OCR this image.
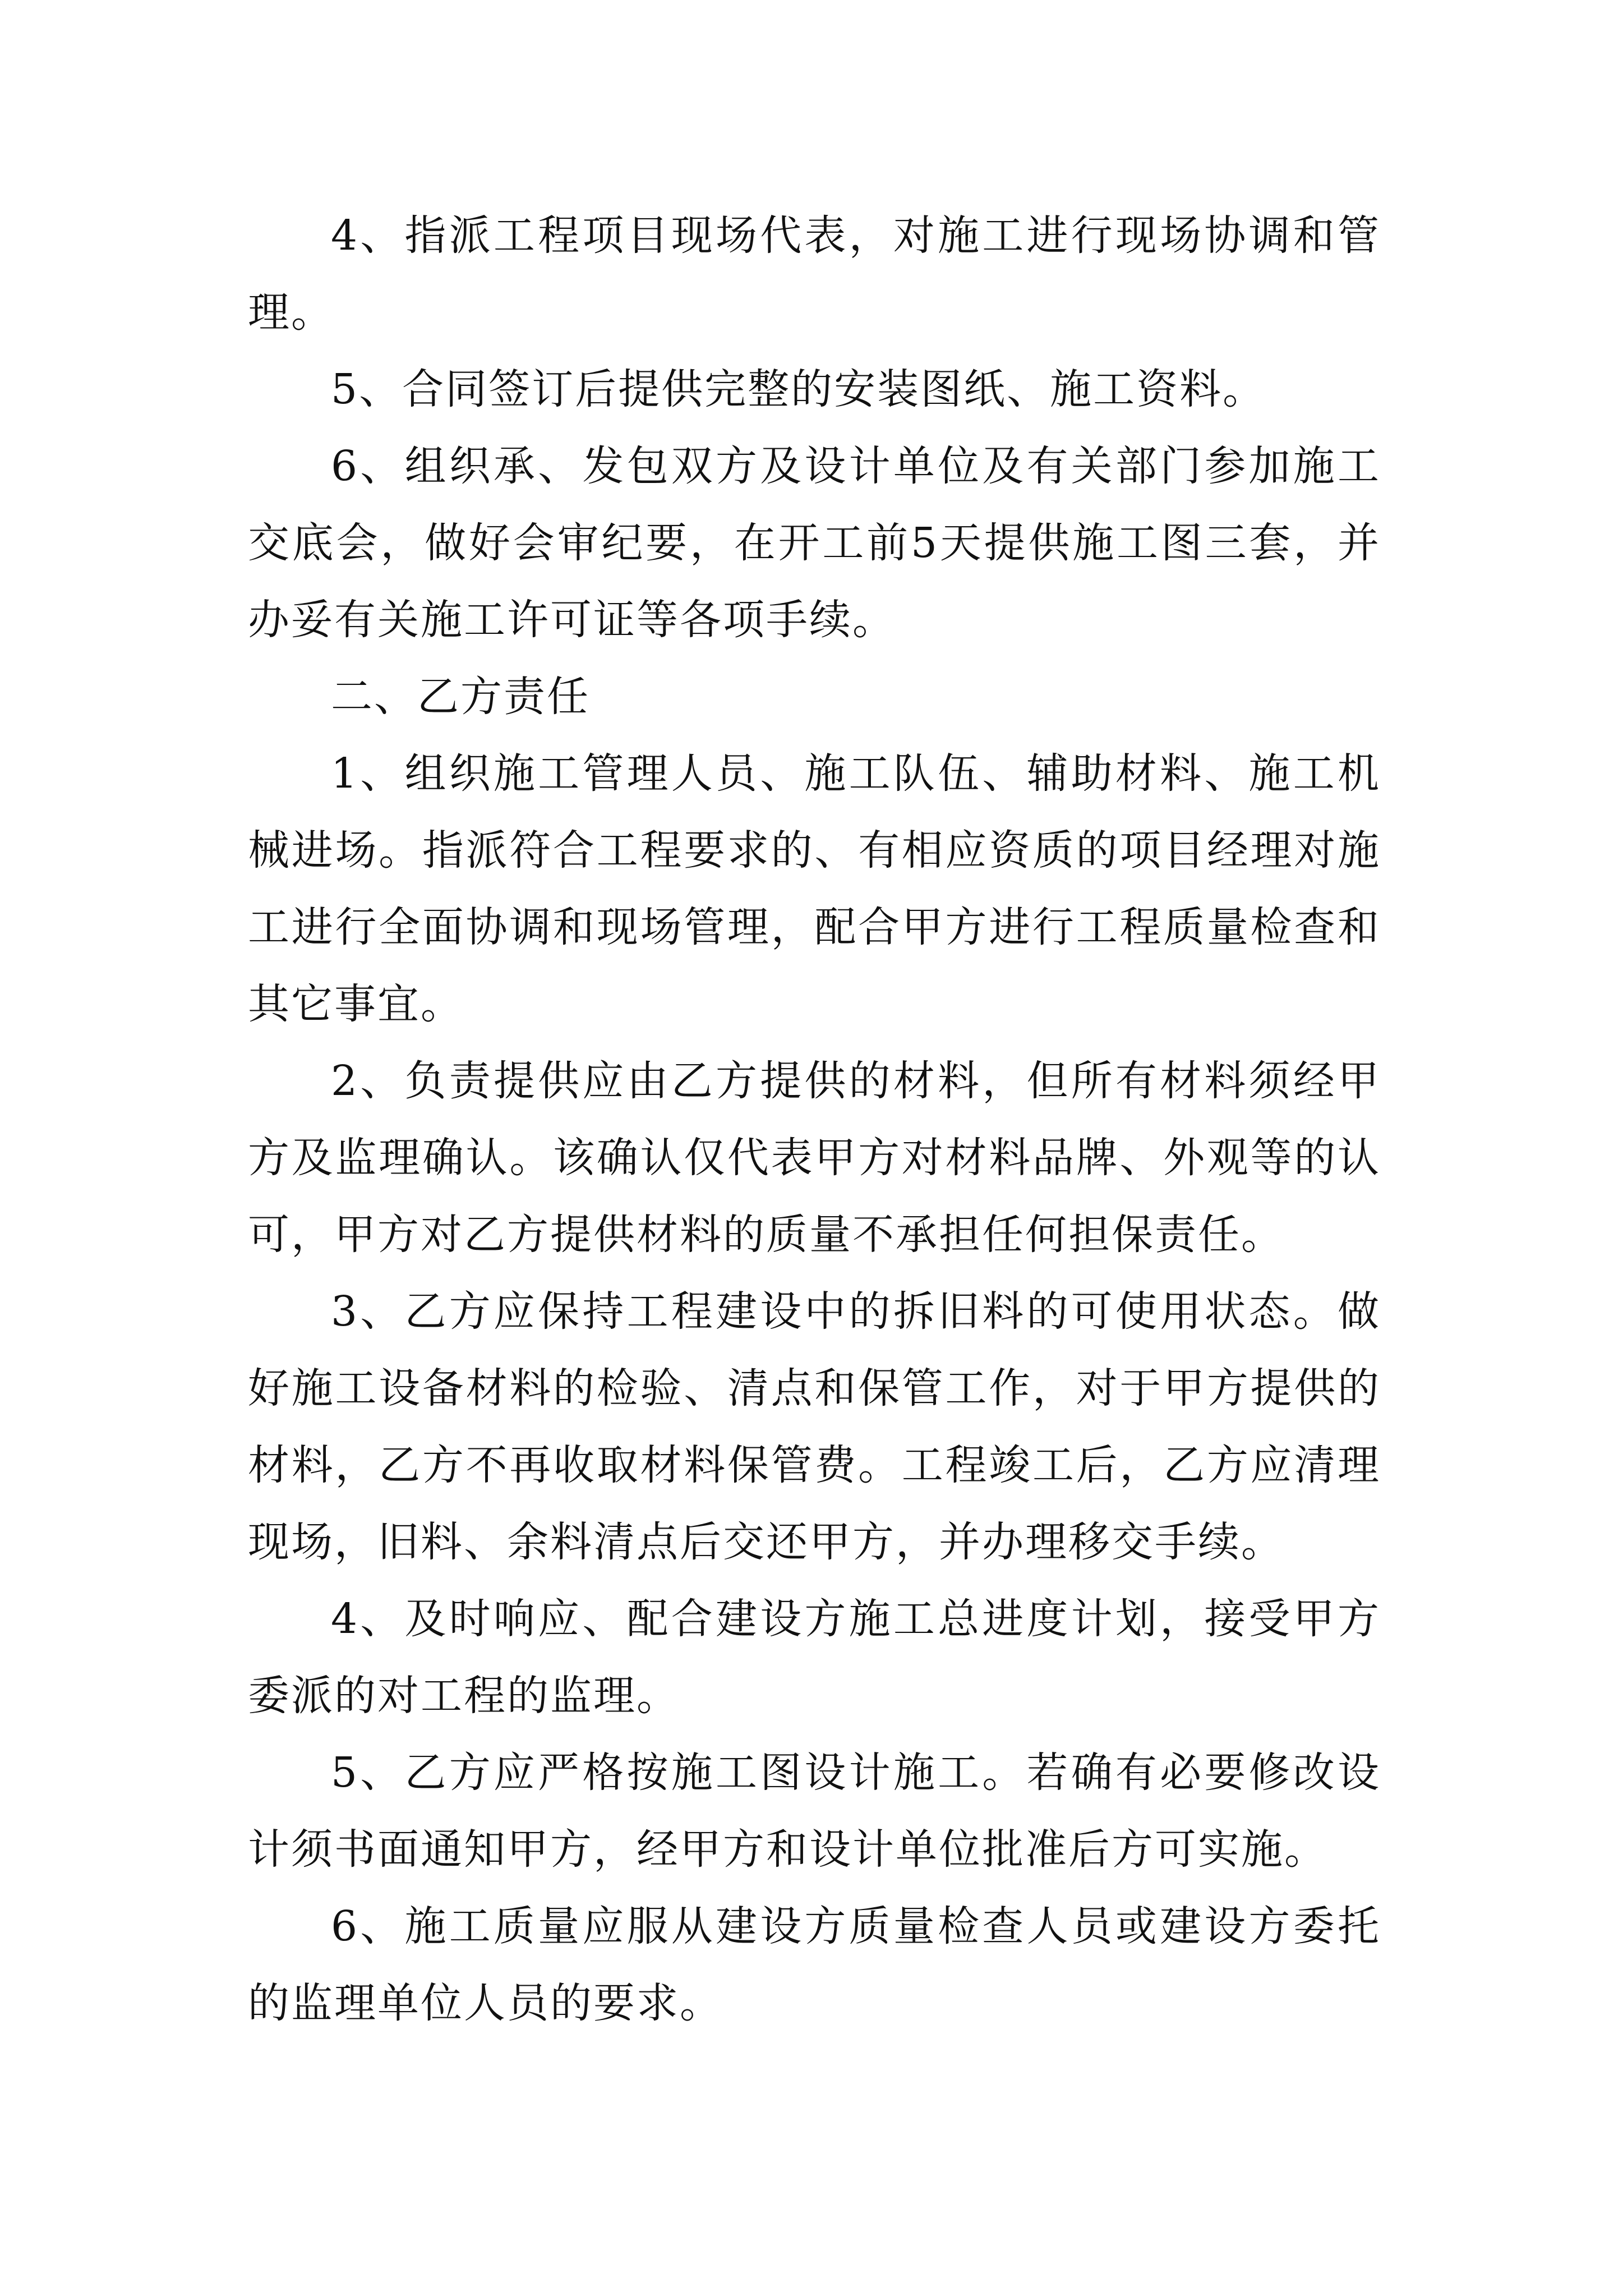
4、指派工程项目现场代表，对施工进行现场协调和管理。

5、合同签订后提供完整的安装图纸、施工资料。

6、组织承、发包双方及设计单位及有关部门参加施工交底会，做好会审纪要，在开工前5天提供施工图三套，并办妥有关施工许可证等各项手续。

二、乙方责任

1、组织施工管理人员、施工队伍、辅助材料、施工机械进场。指派符合工程要求的、有相应资质的项目经理对施工进行全面协调和现场管理，配合甲方进行工程质量检查和其它事宜。

2、负责提供应由乙方提供的材料，但所有材料须经甲方及监理确认。该确认仅代表甲方对材料品牌、外观等的认可，甲方对乙方提供材料的质量不承担任何担保责任。

3、乙方应保持工程建设中的拆旧料的可使用状态。做好施工设备材料的检验、清点和保管工作，对于甲方提供的材料，乙方不再收取材料保管费。工程竣工后，乙方应清理现场，旧料、余料清点后交还甲方，并办理移交手续。

4、及时响应、配合建设方施工总进度计划，接受甲方委派的对工程的监理。

5、乙方应严格按施工图设计施工。若确有必要修改设计须书面通知甲方，经甲方和设计单位批准后方可实施。

6、施工质量应服从建设方质量检查人员或建设方委托的监理单位人员的要求。
